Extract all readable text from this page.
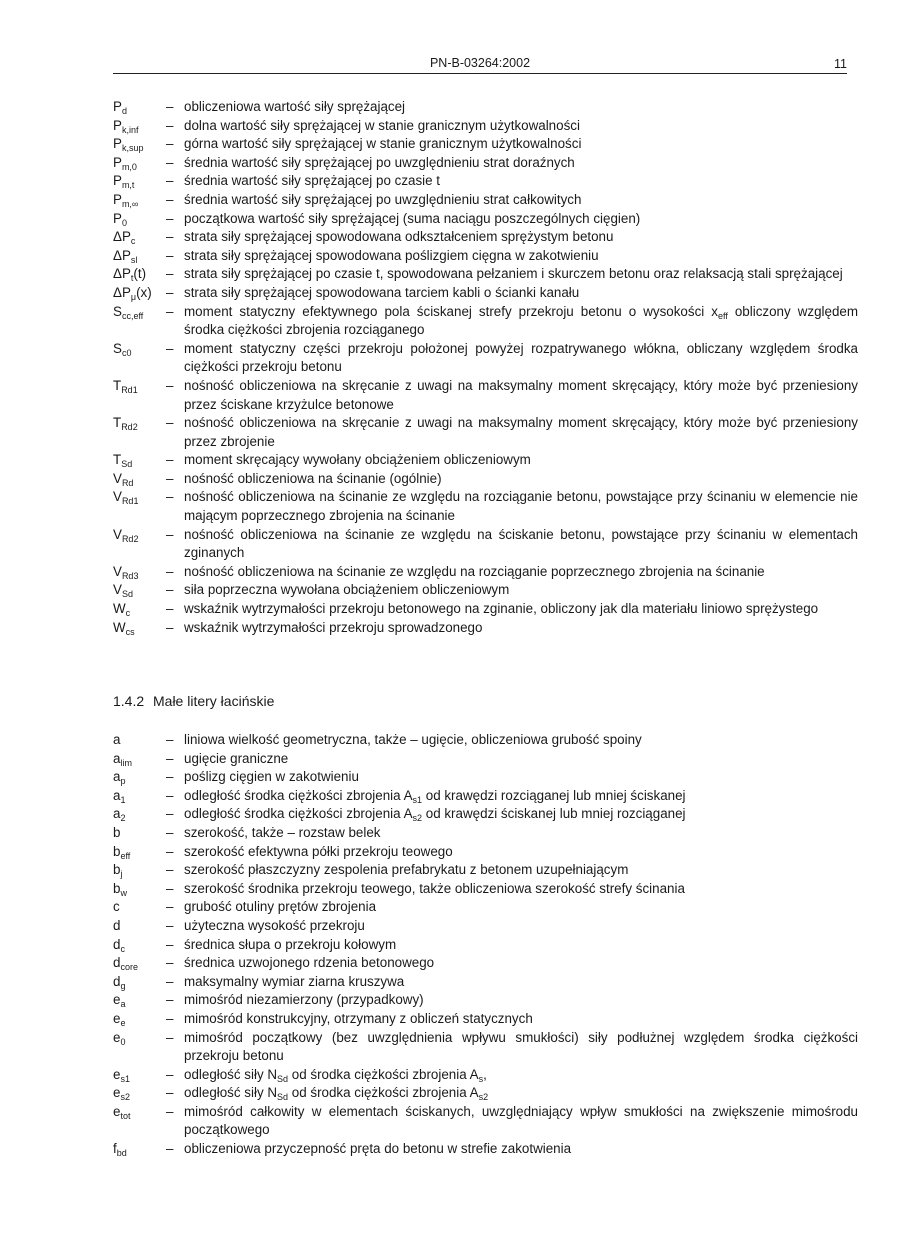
PN-B-03264:2002	11
$P_d$	– obliczeniowa wartość siły sprężającej
$P_{k,inf}$	– dolna wartość siły sprężającej w stanie granicznym użytkowalności
$P_{k,sup}$	– górna wartość siły sprężającej w stanie granicznym użytkowalności
$P_{m,0}$	– średnia wartość siły sprężającej po uwzględnieniu strat doraźnych
$P_{m,t}$	– średnia wartość siły sprężającej po czasie t
$P_{m,\infty}$	– średnia wartość siły sprężającej po uwzględnieniu strat całkowitych
$P_0$	– początkowa wartość siły sprężającej (suma naciągu poszczególnych cięgien)
$\Delta P_c$	– strata siły sprężającej spowodowana odkształceniem sprężystym betonu
$\Delta P_{sl}$	– strata siły sprężającej spowodowana poślizgiem cięgna w zakotwieniu
$\Delta P_t(t)$	– strata siły sprężającej po czasie t, spowodowana pełzaniem i skurczem betonu oraz relaksacją stali sprężającej
$\Delta P_\mu(x)$	– strata siły sprężającej spowodowana tarciem kabli o ścianki kanału
$S_{cc,eff}$	– moment statyczny efektywnego pola ściskanej strefy przekroju betonu o wysokości $x_{eff}$ obliczony względem środka ciężkości zbrojenia rozciąganego
$S_{c0}$	– moment statyczny części przekroju położonej powyżej rozpatrywanego włókna, obliczany względem środka ciężkości przekroju betonu
$T_{Rd1}$	– nośność obliczeniowa na skręcanie z uwagi na maksymalny moment skręcający, który może być przeniesiony przez ściskane krzyżulce betonowe
$T_{Rd2}$	– nośność obliczeniowa na skręcanie z uwagi na maksymalny moment skręcający, który może być przeniesiony przez zbrojenie
$T_{Sd}$	– moment skręcający wywołany obciążeniem obliczeniowym
$V_{Rd}$	– nośność obliczeniowa na ścinanie (ogólnie)
$V_{Rd1}$	– nośność obliczeniowa na ścinanie ze względu na rozciąganie betonu, powstające przy ścinaniu w elemencie nie mającym poprzecznego zbrojenia na ścinanie
$V_{Rd2}$	– nośność obliczeniowa na ścinanie ze względu na ściskanie betonu, powstające przy ścinaniu w elementach zginanych
$V_{Rd3}$	– nośność obliczeniowa na ścinanie ze względu na rozciąganie poprzecznego zbrojenia na ścinanie
$V_{Sd}$	– siła poprzeczna wywołana obciążeniem obliczeniowym
$W_c$	– wskaźnik wytrzymałości przekroju betonowego na zginanie, obliczony jak dla materiału liniowo sprężystego
$W_{cs}$	– wskaźnik wytrzymałości przekroju sprowadzonego
1.4.2 Małe litery łacińskie
a	– liniowa wielkość geometryczna, także – ugięcie, obliczeniowa grubość spoiny
$a_{lim}$	– ugięcie graniczne
$a_p$	– poślizg cięgien w zakotwieniu
$a_1$	– odległość środka ciężkości zbrojenia $A_{s1}$ od krawędzi rozciąganej lub mniej ściskanej
$a_2$	– odległość środka ciężkości zbrojenia $A_{s2}$ od krawędzi ściskanej lub mniej rozciąganej
b	– szerokość, także – rozstaw belek
$b_{eff}$	– szerokość efektywna półki przekroju teowego
$b_j$	– szerokość płaszczyzny zespolenia prefabrykatu z betonem uzupełniającym
$b_w$	– szerokość środnika przekroju teowego, także obliczeniowa szerokość strefy ścinania
c	– grubość otuliny prętów zbrojenia
d	– użyteczna wysokość przekroju
$d_c$	– średnica słupa o przekroju kołowym
$d_{core}$	– średnica uzwojonego rdzenia betonowego
$d_g$	– maksymalny wymiar ziarna kruszywa
$e_a$	– mimośród niezamierzony (przypadkowy)
$e_e$	– mimośród konstrukcyjny, otrzymany z obliczeń statycznych
$e_0$	– mimośród początkowy (bez uwzględnienia wpływu smukłości) siły podłużnej względem środka ciężkości przekroju betonu
$e_{s1}$	– odległość siły $N_{Sd}$ od środka ciężkości zbrojenia $A_s$,
$e_{s2}$	– odległość siły $N_{Sd}$ od środka ciężkości zbrojenia $A_{s2}$
$e_{tot}$	– mimośród całkowity w elementach ściskanych, uwzględniający wpływ smukłości na zwiększenie mimośrodu początkowego
$f_{bd}$	– obliczeniowa przyczepność pręta do betonu w strefie zakotwienia
